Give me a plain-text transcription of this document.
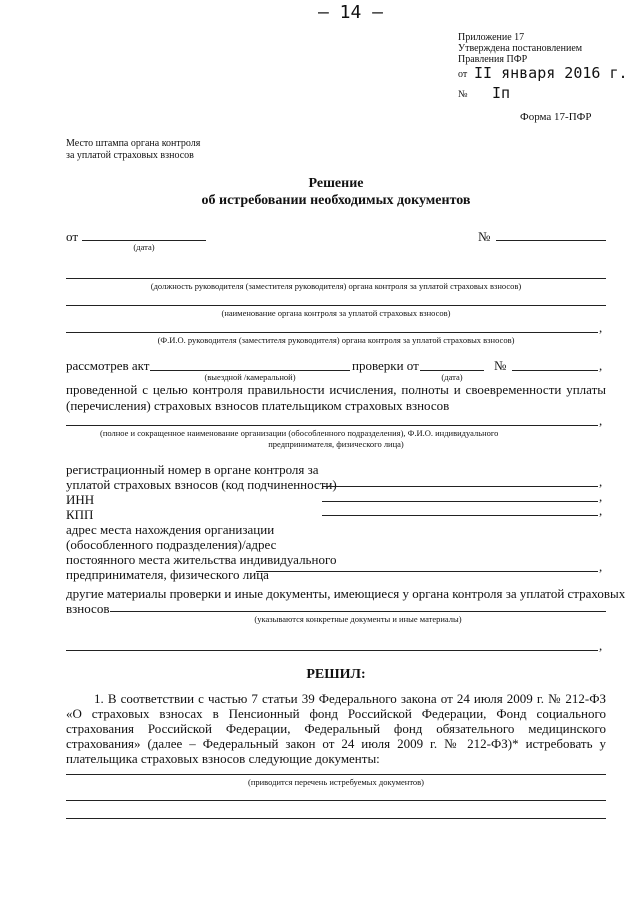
– 14 –
Приложение 17
Утверждена постановлением
Правления ПФР
от II января 2016 г.
№ Iп
Форма 17-ПФР
Место штампа органа контроля
за уплатой страховых взносов
Решение
об истребовании необходимых документов
от
(дата)
№
(должность руководителя (заместителя руководителя) органа контроля за уплатой страховых взносов)
(наименование органа контроля за уплатой страховых взносов)
,
(Ф.И.О. руководителя (заместителя руководителя) органа контроля за уплатой страховых взносов)
рассмотрев акт
(выездной /камеральной)
проверки от
(дата)
№	,
проведенной с целью контроля правильности исчисления, полноты и своевременности уплаты (перечисления) страховых взносов плательщиком страховых взносов
,
(полное и сокращенное наименование организации (обособленного подразделения), Ф.И.О. индивидуального
предпринимателя, физического лица)
регистрационный номер в органе контроля за
уплатой страховых взносов (код подчиненности)	,
ИНН	,
КПП	,
адрес места нахождения организации
(обособленного подразделения)/адрес
постоянного места жительства индивидуального
предпринимателя, физического лица
,
другие материалы проверки и иные документы, имеющиеся у органа контроля за уплатой страховых
взносов
(указываются конкретные документы и иные материалы)
,
РЕШИЛ:
1. В соответствии с частью 7 статьи 39 Федерального закона от 24 июля 2009 г. № 212-ФЗ «О страховых взносах в Пенсионный фонд Российской Федерации, Фонд социального страхования Российской Федерации, Федеральный фонд обязательного медицинского страхования» (далее – Федеральный закон от 24 июля 2009 г. № 212-ФЗ)* истребовать у плательщика страховых взносов следующие документы:
(приводится перечень истребуемых документов)
